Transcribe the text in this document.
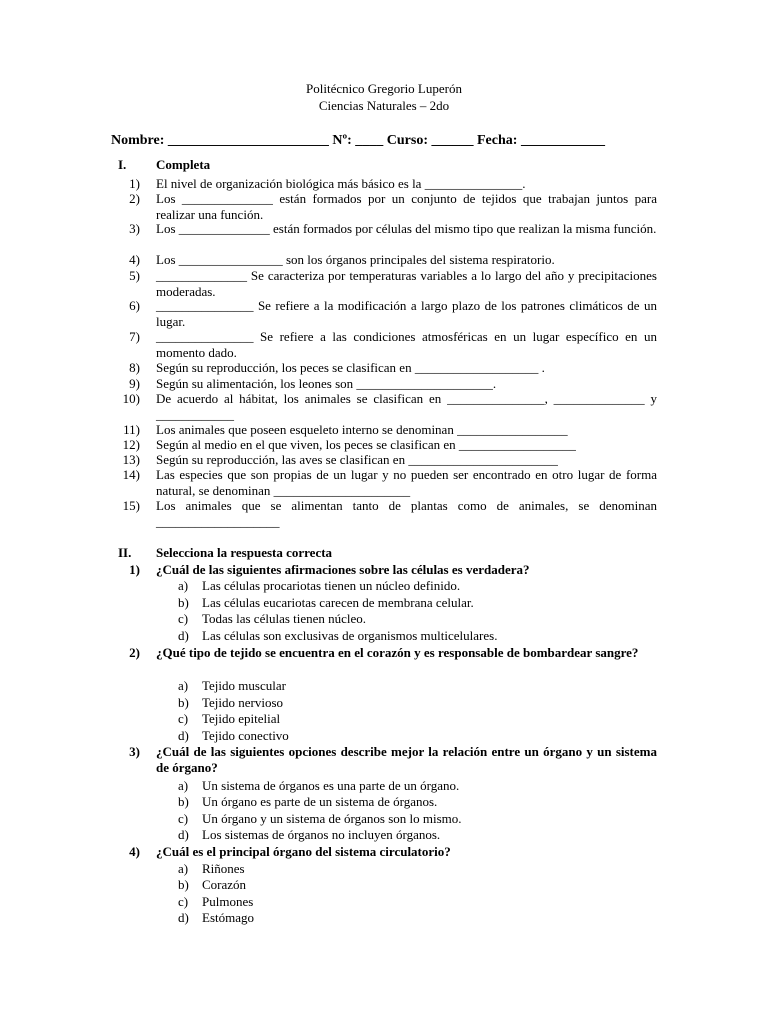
Politécnico Gregorio Luperón
Ciencias Naturales – 2do
Nombre: _______________________ Nº: ____ Curso: ______ Fecha: ____________
I. Completa
1) El nivel de organización biológica más básico es la _______________.
2) Los ______________ están formados por un conjunto de tejidos que trabajan juntos para realizar una función.
3) Los ______________ están formados por células del mismo tipo que realizan la misma función.
4) Los ________________ son los órganos principales del sistema respiratorio.
5) ______________ Se caracteriza por temperaturas variables a lo largo del año y precipitaciones moderadas.
6) _______________ Se refiere a la modificación a largo plazo de los patrones climáticos de un lugar.
7) _______________ Se refiere a las condiciones atmosféricas en un lugar específico en un momento dado.
8) Según su reproducción, los peces se clasifican en ___________________ .
9) Según su alimentación, los leones son _____________________.
10) De acuerdo al hábitat, los animales se clasifican en _______________, ______________ y ____________
11) Los animales que poseen esqueleto interno se denominan _________________
12) Según al medio en el que viven, los peces se clasifican en __________________
13) Según su reproducción, las aves se clasifican en _______________________
14) Las especies que son propias de un lugar y no pueden ser encontrado en otro lugar de forma natural, se denominan _____________________
15) Los animales que se alimentan tanto de plantas como de animales, se denominan ___________________
II. Selecciona la respuesta correcta
1) ¿Cuál de las siguientes afirmaciones sobre las células es verdadera?
a) Las células procariotas tienen un núcleo definido.
b) Las células eucariotas carecen de membrana celular.
c) Todas las células tienen núcleo.
d) Las células son exclusivas de organismos multicelulares.
2) ¿Qué tipo de tejido se encuentra en el corazón y es responsable de bombardear sangre?
a) Tejido muscular
b) Tejido nervioso
c) Tejido epitelial
d) Tejido conectivo
3) ¿Cuál de las siguientes opciones describe mejor la relación entre un órgano y un sistema de órgano?
a) Un sistema de órganos es una parte de un órgano.
b) Un órgano es parte de un sistema de órganos.
c) Un órgano y un sistema de órganos son lo mismo.
d) Los sistemas de órganos no incluyen órganos.
4) ¿Cuál es el principal órgano del sistema circulatorio?
a) Riñones
b) Corazón
c) Pulmones
d) Estómago
